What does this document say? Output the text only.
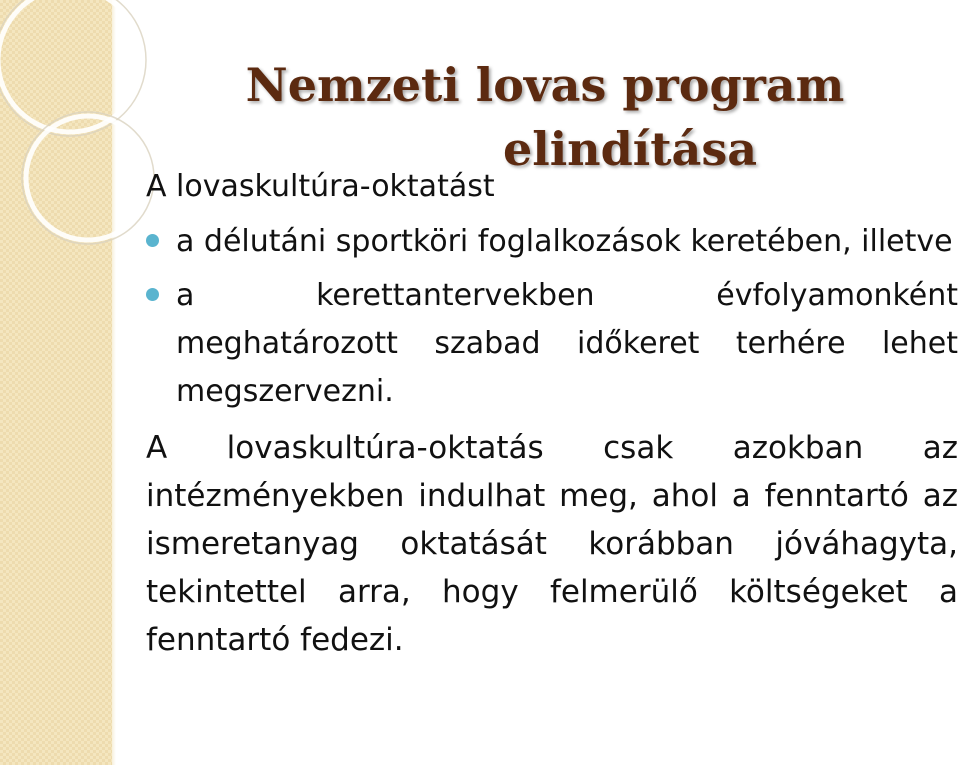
Nemzeti lovas program
elindítása

A lovaskultúra-oktatást

a délutáni sportköri foglalkozások keretében, illetve
a kerettantervekben évfolyamonként meghatározott szabad időkeret terhére lehet megszervezni.

A lovaskultúra-oktatás csak azokban az intézményekben indulhat meg, ahol a fenntartó az ismeretanyag oktatását korábban jóváhagyta, tekintettel arra, hogy felmerülő költségeket a fenntartó fedezi.
